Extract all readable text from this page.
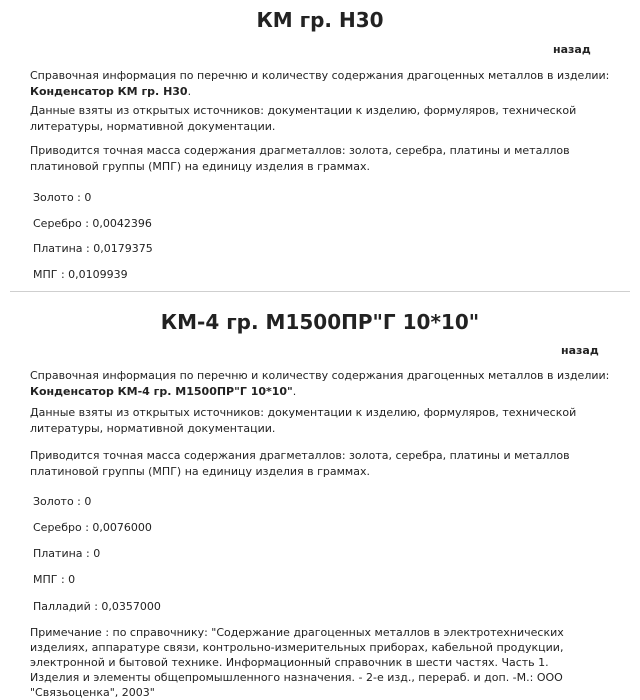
КМ гр. Н30
назад
Справочная информация по перечню и количеству содержания драгоценных металлов в изделии:
Конденсатор КМ гр. Н30.
Данные взяты из открытых источников: документации к изделию, формуляров, технической литературы, нормативной документации.
Приводится точная масса содержания драгметаллов: золота, серебра, платины и металлов платиновой группы (МПГ) на единицу изделия в граммах.
Золото : 0
Серебро : 0,0042396
Платина : 0,0179375
МПГ : 0,0109939
КМ-4 гр. М1500ПР"Г 10*10"
назад
Справочная информация по перечню и количеству содержания драгоценных металлов в изделии:
Конденсатор КМ-4 гр. М1500ПР"Г 10*10".
Данные взяты из открытых источников: документации к изделию, формуляров, технической литературы, нормативной документации.
Приводится точная масса содержания драгметаллов: золота, серебра, платины и металлов платиновой группы (МПГ) на единицу изделия в граммах.
Золото : 0
Серебро : 0,0076000
Платина : 0
МПГ : 0
Палладий : 0,0357000
Примечание : по справочнику: "Содержание драгоценных металлов в электротехнических изделиях, аппаратуре связи, контрольно-измерительных приборах, кабельной продукции, электронной и бытовой технике. Информационный справочник в шести частях. Часть 1. Изделия и элементы общепромышленного назначения. - 2-е изд., перераб. и доп. -М.: ООО "Связьоценка", 2003"
